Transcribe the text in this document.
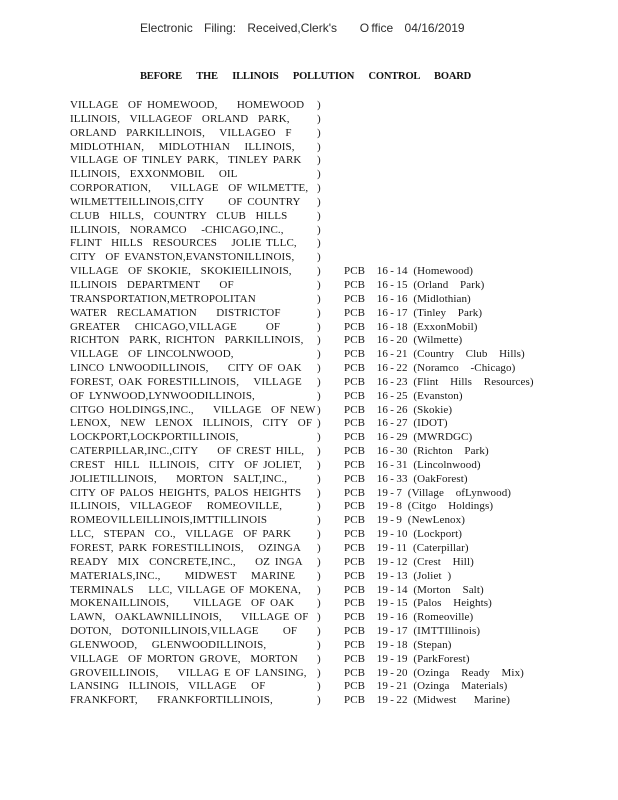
Electronic Filing: Received,Clerk's  O ffice 04/16/2019
BEFORE THE ILLINOIS POLLUTION CONTROL BOARD
VILLAGE  OF HOMEWOOD,    HOMEWOOD )
ILLINOIS,  VILLAGEOF  ORLAND  PARK, )
ORLAND  PARKILLINOIS,   VILLAGEO  F )
MIDLOTHIAN,   MIDLOTHIAN   ILLINOIS, )
VILLAGE OF TINLEY PARK,  TINLEY PARK )
ILLINOIS,  EXXONMOBIL   OIL	)
CORPORATION,    VILLAGE  OF WILMETTE, )
WILMETTEILLINOIS,CITY     OF COUNTRY )
CLUB  HILLS,  COUNTRY  CLUB  HILLS	)
ILLINOIS,  NORAMCO   -CHICAGO,INC.,	)
FLINT  HILLS  RESOURCES   JOLIE TLLC, )
CITY  OF EVANSTON,EVANSTONILLINOIS, )
VILLAGE  OF SKOKIE,  SKOKIEILLINOIS, ) PCB  16 - 14 (Homewood)
ILLINOIS  DEPARTMENT    OF	) PCB  16 - 15 (Orland  Park)
TRANSPORTATION,METROPOLITAN	) PCB  16 - 16 (Midlothian)
WATER  RECLAMATION    DISTRICTOF	) PCB  16 - 17 (Tinley  Park)
GREATER   CHICAGO,VILLAGE      OF	) PCB  16 - 18 (ExxonMobil)
RICHTON  PARK, RICHTON  PARKILLINOIS, ) PCB  16 - 20 (Wilmette)
VILLAGE  OF LINCOLNWOOD,	) PCB  16 - 21 (Country  Club  Hills)
LINCO LNWOODILLINOIS,    CITY OF OAK ) PCB  16 - 22 (Noramco  -Chicago)
FOREST, OAK FORESTILLINOIS,   VILLAGE ) PCB  16 - 23 (Flint  Hills  Resources)
OF LYNWOOD,LYNWOODILLINOIS,	) PCB  16 - 25 (Evanston)
CITGO HOLDINGS,INC.,    VILLAGE  OF NEW ) PCB  16 - 26 (Skokie)
LENOX,  NEW  LENOX  ILLINOIS,  CITY  OF ) PCB  16 - 27 (IDOT)
LOCKPORT,LOCKPORTILLINOIS,	) PCB  16 - 29 (MWRDGC)
CATERPILLAR,INC.,CITY    OF CREST HILL, ) PCB  16 - 30 (Richton  Park)
CREST  HILL  ILLINOIS,  CITY  OF JOLIET, ) PCB  16 - 31 (Lincolnwood)
JOLIETILLINOIS,    MORTON  SALT,INC.,	) PCB  16 - 33 (OakForest)
CITY OF PALOS HEIGHTS, PALOS HEIGHTS ) PCB  19 - 7 (Village  ofLynwood)
ILLINOIS,  VILLAGEOF   ROMEOVILLE,	) PCB  19 - 8 (Citgo  Holdings)
ROMEOVILLEILLINOIS,IMTTILLINOIS	) PCB  19 - 9 (NewLenox)
LLC,  STEPAN  CO.,  VILLAGE  OF PARK ) PCB  19 - 10 (Lockport)
FOREST, PARK FORESTILLINOIS,   OZINGA ) PCB  19 - 11 (Caterpillar)
READY  MIX  CONCRETE,INC.,    OZ INGA ) PCB  19 - 12 (Crest  Hill)
MATERIALS,INC.,     MIDWEST   MARINE ) PCB  19 - 13 (Joliet )
TERMINALS   LLC, VILLAGE OF MOKENA, ) PCB  19 - 14 (Morton  Salt)
MOKENAILLINOIS,     VILLAGE  OF OAK ) PCB  19 - 15 (Palos  Heights)
LAWN,  OAKLAWNILLINOIS,    VILLAGE OF ) PCB  19 - 16 (Romeoville)
DOTON,  DOTONILLINOIS,VILLAGE     OF ) PCB  19 - 17 (IMTTIllinois)
GLENWOOD,   GLENWOODILLINOIS,	) PCB  19 - 18 (Stepan)
VILLAGE  OF MORTON GROVE,  MORTON ) PCB  19 - 19 (ParkForest)
GROVEILLINOIS,    VILLAG E OF LANSING, ) PCB  19 - 20 (Ozinga  Ready  Mix)
LANSING  ILLINOIS,  VILLAGE   OF	) PCB  19 - 21 (Ozinga  Materials)
FRANKFORT,    FRANKFORTILLINOIS,	) PCB  19 - 22 (Midwest   Marine)
